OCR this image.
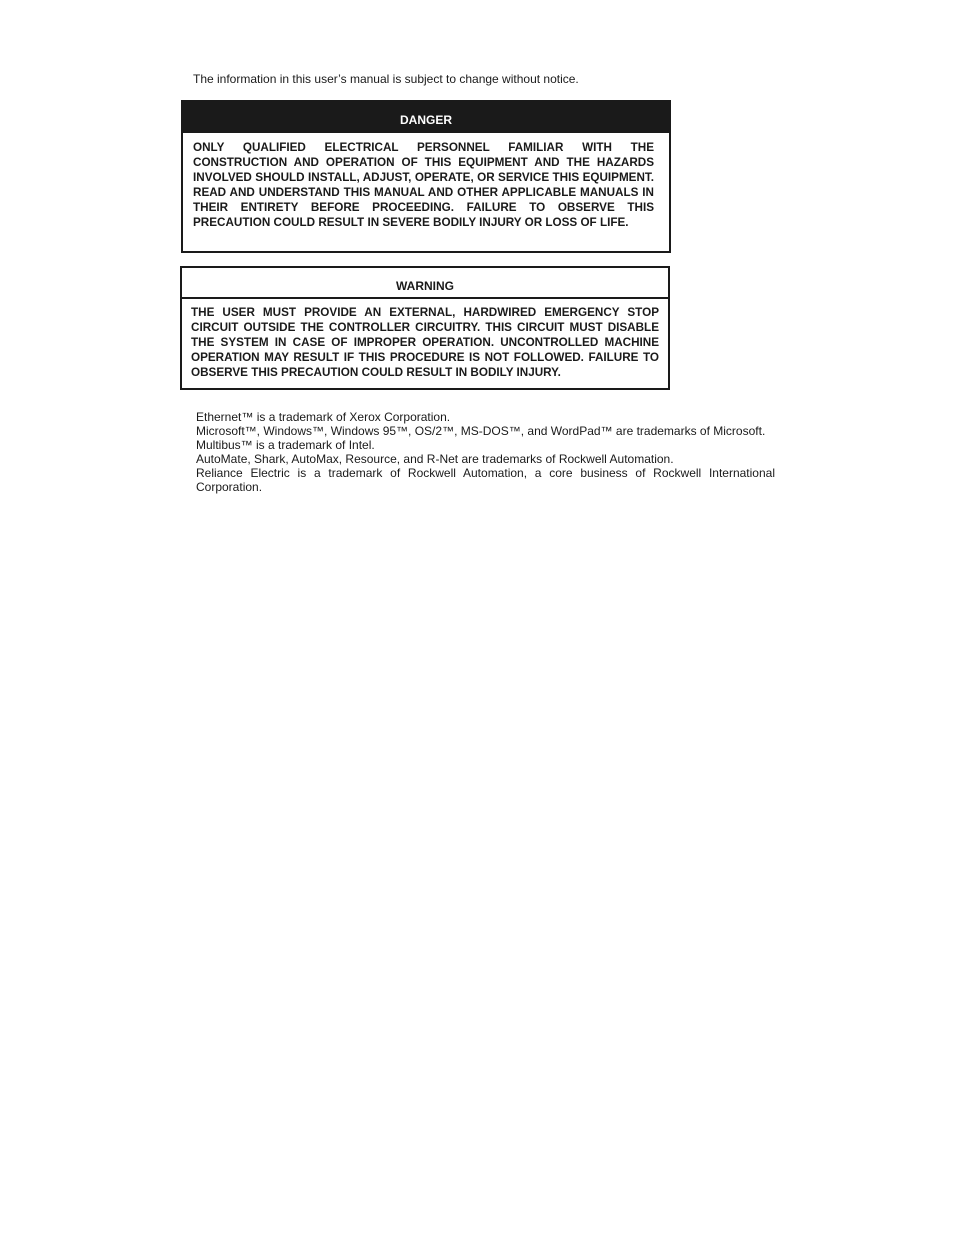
The information in this user’s manual is subject to change without notice.
DANGER
ONLY QUALIFIED ELECTRICAL PERSONNEL FAMILIAR WITH THE CONSTRUCTION AND OPERATION OF THIS EQUIPMENT AND THE HAZARDS INVOLVED SHOULD INSTALL, ADJUST, OPERATE, OR SERVICE THIS EQUIPMENT. READ AND UNDERSTAND THIS MANUAL AND OTHER APPLICABLE MANUALS IN THEIR ENTIRETY BEFORE PROCEEDING. FAILURE TO OBSERVE THIS PRECAUTION COULD RESULT IN SEVERE BODILY INJURY OR LOSS OF LIFE.
WARNING
THE USER MUST PROVIDE AN EXTERNAL, HARDWIRED EMERGENCY STOP CIRCUIT OUTSIDE THE CONTROLLER CIRCUITRY. THIS CIRCUIT MUST DISABLE THE SYSTEM IN CASE OF IMPROPER OPERATION. UNCONTROLLED MACHINE OPERATION MAY RESULT IF THIS PROCEDURE IS NOT FOLLOWED. FAILURE TO OBSERVE THIS PRECAUTION COULD RESULT IN BODILY INJURY.
Ethernet™ is a trademark of Xerox Corporation.
Microsoft™, Windows™, Windows 95™, OS/2™, MS-DOS™, and WordPad™ are trademarks of Microsoft.
Multibus™ is a trademark of Intel.
AutoMate, Shark, AutoMax, Resource, and R-Net are trademarks of Rockwell Automation.
Reliance Electric is a trademark of Rockwell Automation, a core business of Rockwell International Corporation.
